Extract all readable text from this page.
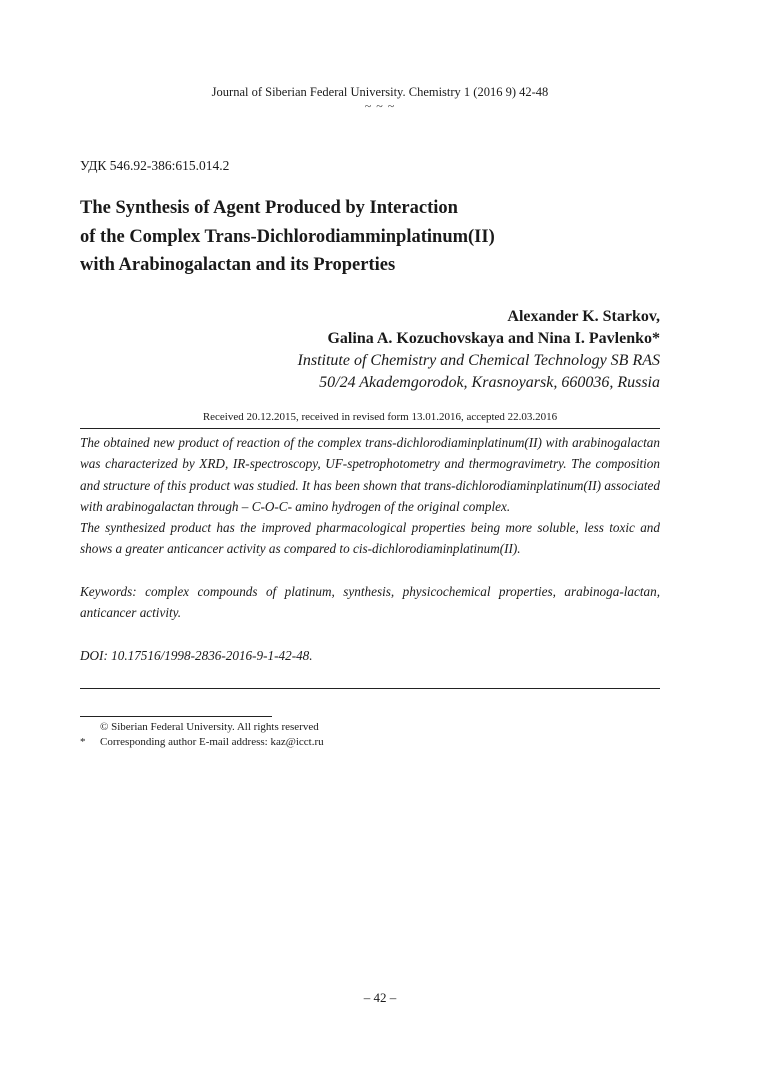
Journal of Siberian Federal University. Chemistry 1 (2016 9) 42-48
~ ~ ~
УДК 546.92-386:615.014.2
The Synthesis of Agent Produced by Interaction
of the Complex Trans-Dichlorodiamminplatinum(II)
with Arabinogalactan and its Properties
Alexander K. Starkov,
Galina A. Kozuchovskaya and Nina I. Pavlenko*
Institute of Chemistry and Chemical Technology SB RAS
50/24 Akademgorodok, Krasnoyarsk, 660036, Russia
Received 20.12.2015, received in revised form 13.01.2016, accepted 22.03.2016

The obtained new product of reaction of the complex trans-dichlorodiaminplatinum(II) with arabinogalactan was characterized by XRD, IR-spectroscopy, UF-spetrophotometry and thermogravimetry. The composition and structure of this product was studied. It has been shown that trans-dichlorodiaminplatinum(II) associated with arabinogalactan through – C-O-C- amino hydrogen of the original complex.

The synthesized product has the improved pharmacological properties being more soluble, less toxic and shows a greater anticancer activity as compared to cis-dichlorodiaminplatinum(II).

Keywords: complex compounds of platinum, synthesis, physicochemical properties, arabinoga-lactan, anticancer activity.

DOI: 10.17516/1998-2836-2016-9-1-42-48.

© Siberian Federal University. All rights reserved
* Corresponding author E-mail address: kaz@icct.ru
– 42 –
